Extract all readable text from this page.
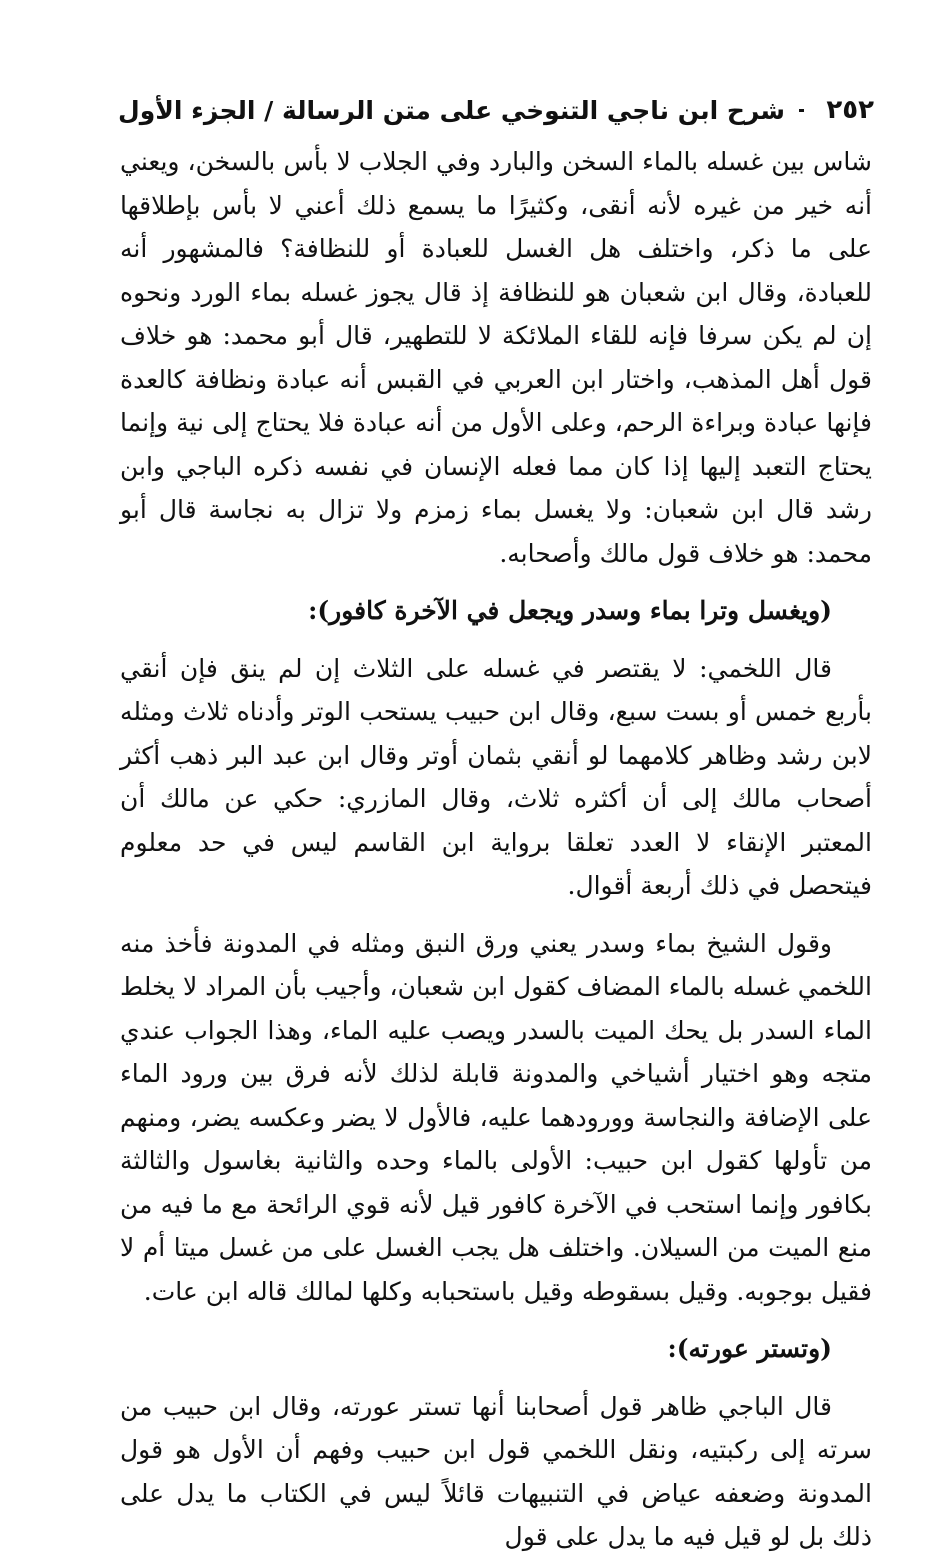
٢٥٢
شرح ابن ناجي التنوخي على متن الرسالة / الجزء الأول

شاس بين غسله بالماء السخن والبارد وفي الجلاب لا بأس بالسخن، ويعني أنه خير من غيره لأنه أنقى، وكثيرًا ما يسمع ذلك أعني لا بأس بإطلاقها على ما ذكر، واختلف هل الغسل للعبادة أو للنظافة؟ فالمشهور أنه للعبادة، وقال ابن شعبان هو للنظافة إذ قال يجوز غسله بماء الورد ونحوه إن لم يكن سرفا فإنه للقاء الملائكة لا للتطهير، قال أبو محمد: هو خلاف قول أهل المذهب، واختار ابن العربي في القبس أنه عبادة ونظافة كالعدة فإنها عبادة وبراءة الرحم، وعلى الأول من أنه عبادة فلا يحتاج إلى نية وإنما يحتاج التعبد إليها إذا كان مما فعله الإنسان في نفسه ذكره الباجي وابن رشد قال ابن شعبان: ولا يغسل بماء زمزم ولا تزال به نجاسة قال أبو محمد: هو خلاف قول مالك وأصحابه.

(ويغسل وترا بماء وسدر ويجعل في الآخرة كافور):

قال اللخمي: لا يقتصر في غسله على الثلاث إن لم ينق فإن أنقي بأربع خمس أو بست سبع، وقال ابن حبيب يستحب الوتر وأدناه ثلاث ومثله لابن رشد وظاهر كلامهما لو أنقي بثمان أوتر وقال ابن عبد البر ذهب أكثر أصحاب مالك إلى أن أكثره ثلاث، وقال المازري: حكي عن مالك أن المعتبر الإنقاء لا العدد تعلقا برواية ابن القاسم ليس في حد معلوم فيتحصل في ذلك أربعة أقوال.

وقول الشيخ بماء وسدر يعني ورق النبق ومثله في المدونة فأخذ منه اللخمي غسله بالماء المضاف كقول ابن شعبان، وأجيب بأن المراد لا يخلط الماء السدر بل يحك الميت بالسدر ويصب عليه الماء، وهذا الجواب عندي متجه وهو اختيار أشياخي والمدونة قابلة لذلك لأنه فرق بين ورود الماء على الإضافة والنجاسة وورودهما عليه، فالأول لا يضر وعكسه يضر، ومنهم من تأولها كقول ابن حبيب: الأولى بالماء وحده والثانية بغاسول والثالثة بكافور وإنما استحب في الآخرة كافور قيل لأنه قوي الرائحة مع ما فيه من منع الميت من السيلان. واختلف هل يجب الغسل على من غسل ميتا أم لا فقيل بوجوبه. وقيل بسقوطه وقيل باستحبابه وكلها لمالك قاله ابن عات.

(وتستر عورته):

قال الباجي ظاهر قول أصحابنا أنها تستر عورته، وقال ابن حبيب من سرته إلى ركبتيه، ونقل اللخمي قول ابن حبيب وفهم أن الأول هو قول المدونة وضعفه عياض في التنبيهات قائلاً ليس في الكتاب ما يدل على ذلك بل لو قيل فيه ما يدل على قول
